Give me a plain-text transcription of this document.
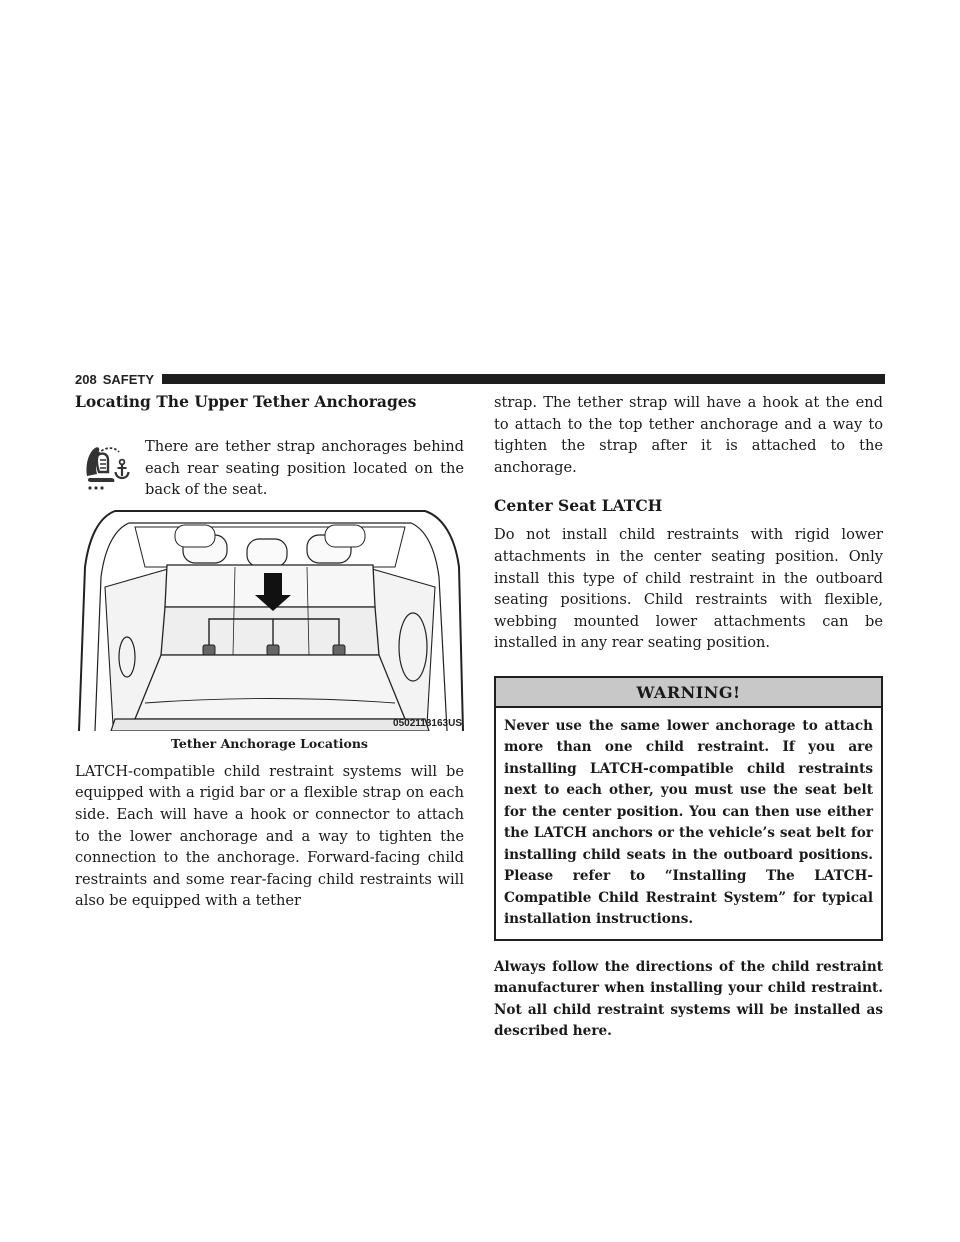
208 SAFETY
Locating The Upper Tether Anchorages

There are tether strap anchorages behind each rear seating position located on the back of the seat.

0502113163US

Tether Anchorage Locations

LATCH-compatible child restraint systems will be equipped with a rigid bar or a flexible strap on each side. Each will have a hook or connector to attach to the lower anchorage and a way to tighten the connection to the anchorage. Forward-facing child restraints and some rear-facing child restraints will also be equipped with a tether

strap. The tether strap will have a hook at the end to attach to the top tether anchorage and a way to tighten the strap after it is attached to the anchorage.

Center Seat LATCH

Do not install child restraints with rigid lower attachments in the center seating position. Only install this type of child restraint in the outboard seating positions. Child restraints with flexible, webbing mounted lower attachments can be installed in any rear seating position.

WARNING!

Never use the same lower anchorage to attach more than one child restraint. If you are installing LATCH-compatible child restraints next to each other, you must use the seat belt for the center position. You can then use either the LATCH anchors or the vehicle’s seat belt for installing child seats in the outboard positions. Please refer to “Installing The LATCH-Compatible Child Restraint System” for typical installation instructions.

Always follow the directions of the child restraint manufacturer when installing your child restraint. Not all child restraint systems will be installed as described here.
